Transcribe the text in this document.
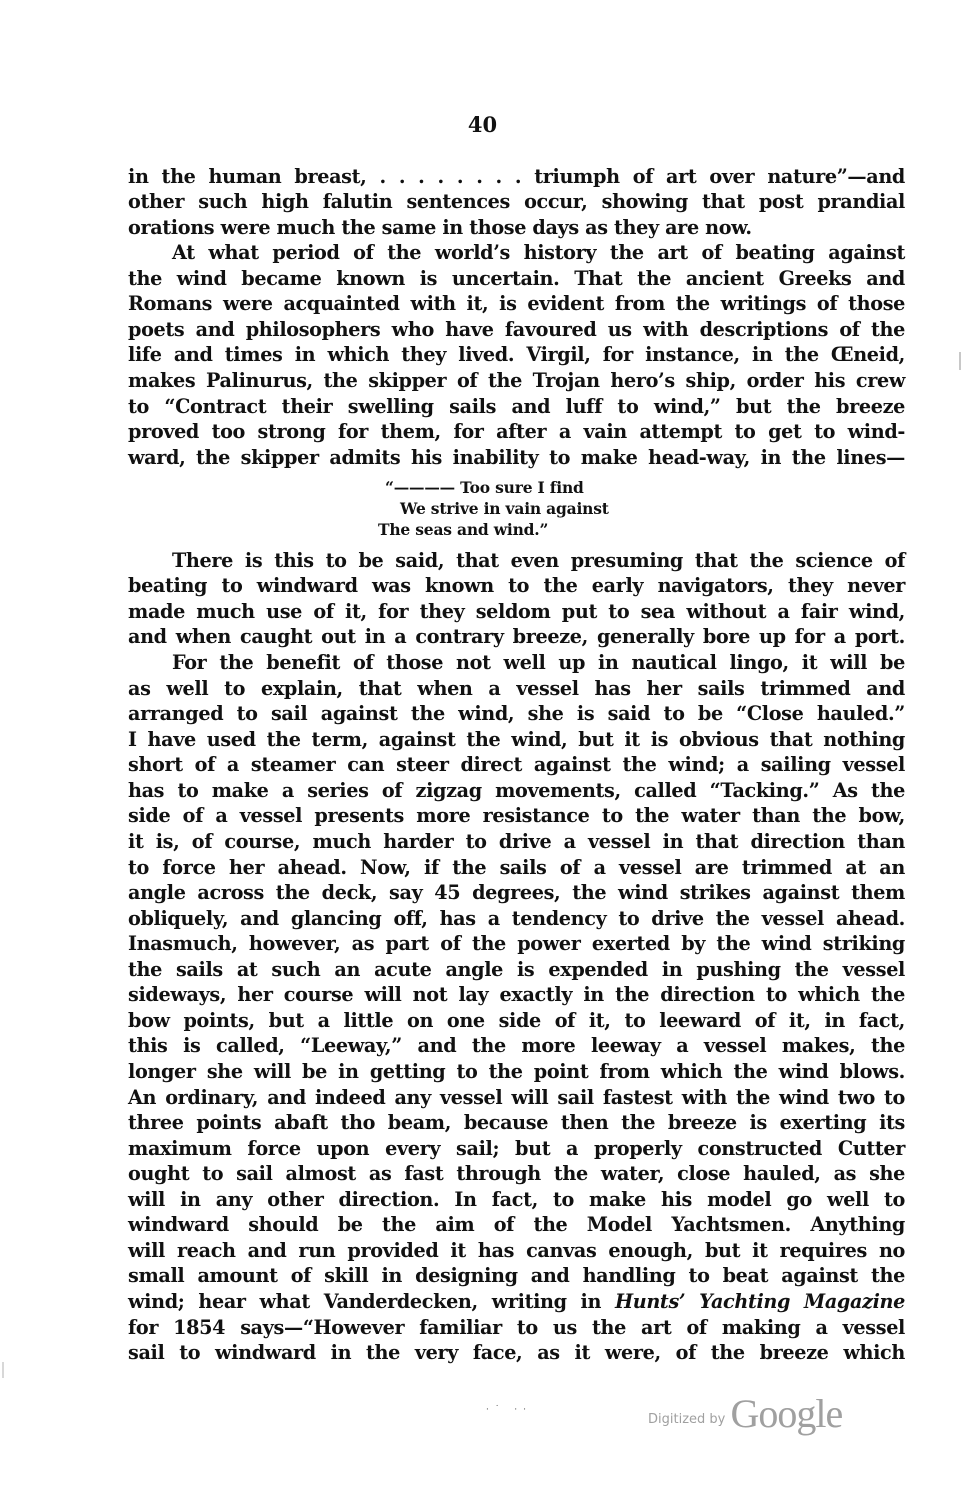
40
in the human breast, . . . . . . . . triumph of art over nature”—and
other such high falutin sentences occur, showing that post prandial
orations were much the same in those days as they are now.
At what period of the world’s history the art of beating against
the wind became known is uncertain. That the ancient Greeks and
Romans were acquainted with it, is evident from the writings of those
poets and philosophers who have favoured us with descriptions of the
life and times in which they lived. Virgil, for instance, in the Œneid,
makes Palinurus, the skipper of the Trojan hero’s ship, order his crew
to “Contract their swelling sails and luff to wind,” but the breeze
proved too strong for them, for after a vain attempt to get to wind-
ward, the skipper admits his inability to make head-way, in the lines—
“———— Too sure I find
We strive in vain against
The seas and wind.”
There is this to be said, that even presuming that the science of
beating to windward was known to the early navigators, they never
made much use of it, for they seldom put to sea without a fair wind,
and when caught out in a contrary breeze, generally bore up for a port.
For the benefit of those not well up in nautical lingo, it will be
as well to explain, that when a vessel has her sails trimmed and
arranged to sail against the wind, she is said to be “Close hauled.”
I have used the term, against the wind, but it is obvious that nothing
short of a steamer can steer direct against the wind; a sailing vessel
has to make a series of zigzag movements, called “Tacking.” As the
side of a vessel presents more resistance to the water than the bow,
it is, of course, much harder to drive a vessel in that direction than
to force her ahead. Now, if the sails of a vessel are trimmed at an
angle across the deck, say 45 degrees, the wind strikes against them
obliquely, and glancing off, has a tendency to drive the vessel ahead.
Inasmuch, however, as part of the power exerted by the wind striking
the sails at such an acute angle is expended in pushing the vessel
sideways, her course will not lay exactly in the direction to which the
bow points, but a little on one side of it, to leeward of it, in fact,
this is called, “Leeway,” and the more leeway a vessel makes, the
longer she will be in getting to the point from which the wind blows.
An ordinary, and indeed any vessel will sail fastest with the wind two to
three points abaft tho beam, because then the breeze is exerting its
maximum force upon every sail; but a properly constructed Cutter
ought to sail almost as fast through the water, close hauled, as she
will in any other direction. In fact, to make his model go well to
windward should be the aim of the Model Yachtsmen. Anything
will reach and run provided it has canvas enough, but it requires no
small amount of skill in designing and handling to beat against the
wind; hear what Vanderdecken, writing in Hunts’ Yachting Magazine
for 1854 says—“However familiar to us the art of making a vessel
sail to windward in the very face, as it were, of the breeze which
·˙ ··
$^{Digitized by}$ Google
